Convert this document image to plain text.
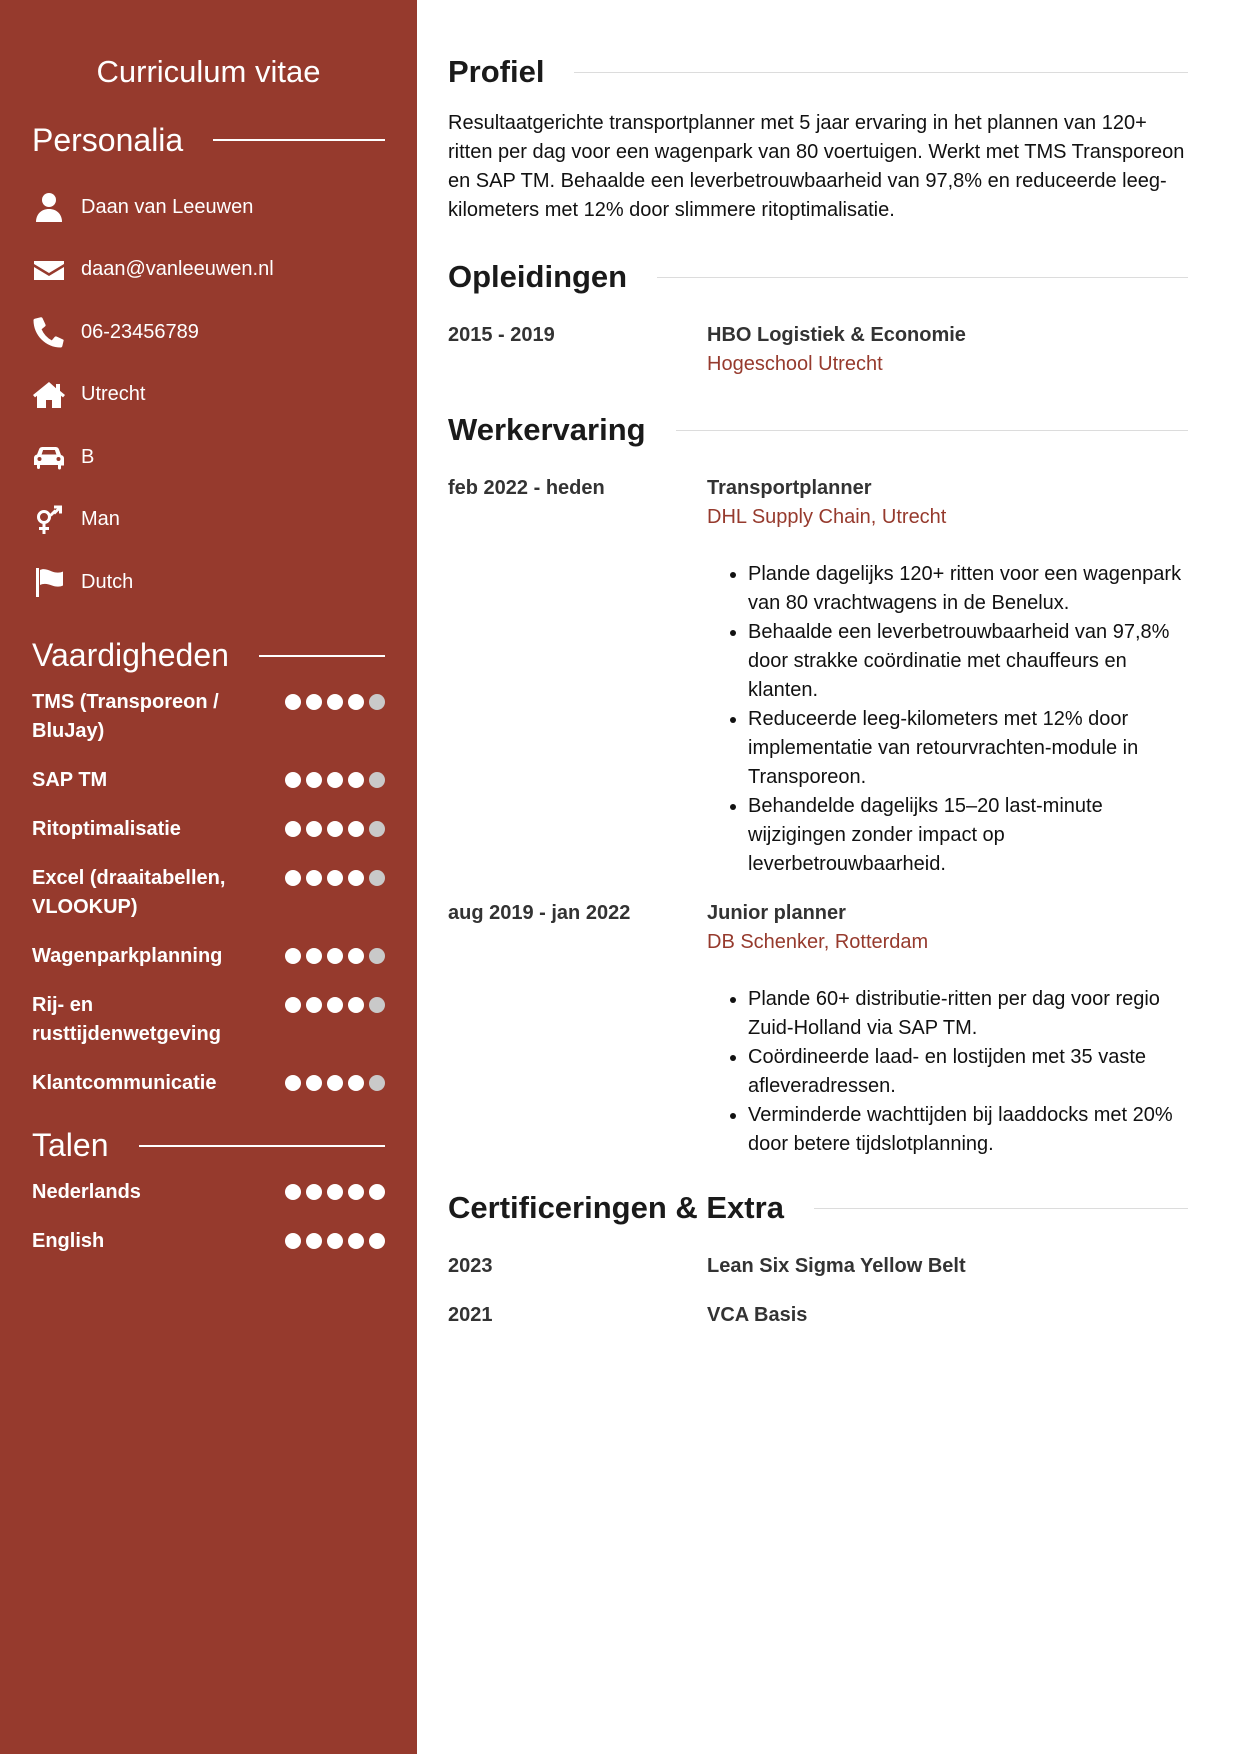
Curriculum vitae
Personalia
Daan van Leeuwen
daan@vanleeuwen.nl
06-23456789
Utrecht
B
Man
Dutch
Vaardigheden
TMS (Transporeon / BluJay)
SAP TM
Ritoptimalisatie
Excel (draaitabellen, VLOOKUP)
Wagenparkplanning
Rij- en rusttijdenwetgeving
Klantcommunicatie
Talen
Nederlands
English
Profiel
Resultaatgerichte transportplanner met 5 jaar ervaring in het plannen van 120+ ritten per dag voor een wagenpark van 80 voertuigen. Werkt met TMS Transporeon en SAP TM. Behaalde een leverbetrouwbaarheid van 97,8% en reduceerde leeg-kilometers met 12% door slimmere ritoptimalisatie.
Opleidingen
2015 - 2019	HBO Logistiek & Economie
Hogeschool Utrecht
Werkervaring
feb 2022 - heden	Transportplanner
DHL Supply Chain, Utrecht
• Plande dagelijks 120+ ritten voor een wagenpark van 80 vrachtwagens in de Benelux.
• Behaalde een leverbetrouwbaarheid van 97,8% door strakke coördinatie met chauffeurs en klanten.
• Reduceerde leeg-kilometers met 12% door implementatie van retourvrachten-module in Transporeon.
• Behandelde dagelijks 15–20 last-minute wijzigingen zonder impact op leverbetrouwbaarheid.
aug 2019 - jan 2022	Junior planner
DB Schenker, Rotterdam
• Plande 60+ distributie-ritten per dag voor regio Zuid-Holland via SAP TM.
• Coördineerde laad- en lostijden met 35 vaste afleveradressen.
• Verminderde wachttijden bij laaddocks met 20% door betere tijdslotplanning.
Certificeringen & Extra
2023	Lean Six Sigma Yellow Belt
2021	VCA Basis
